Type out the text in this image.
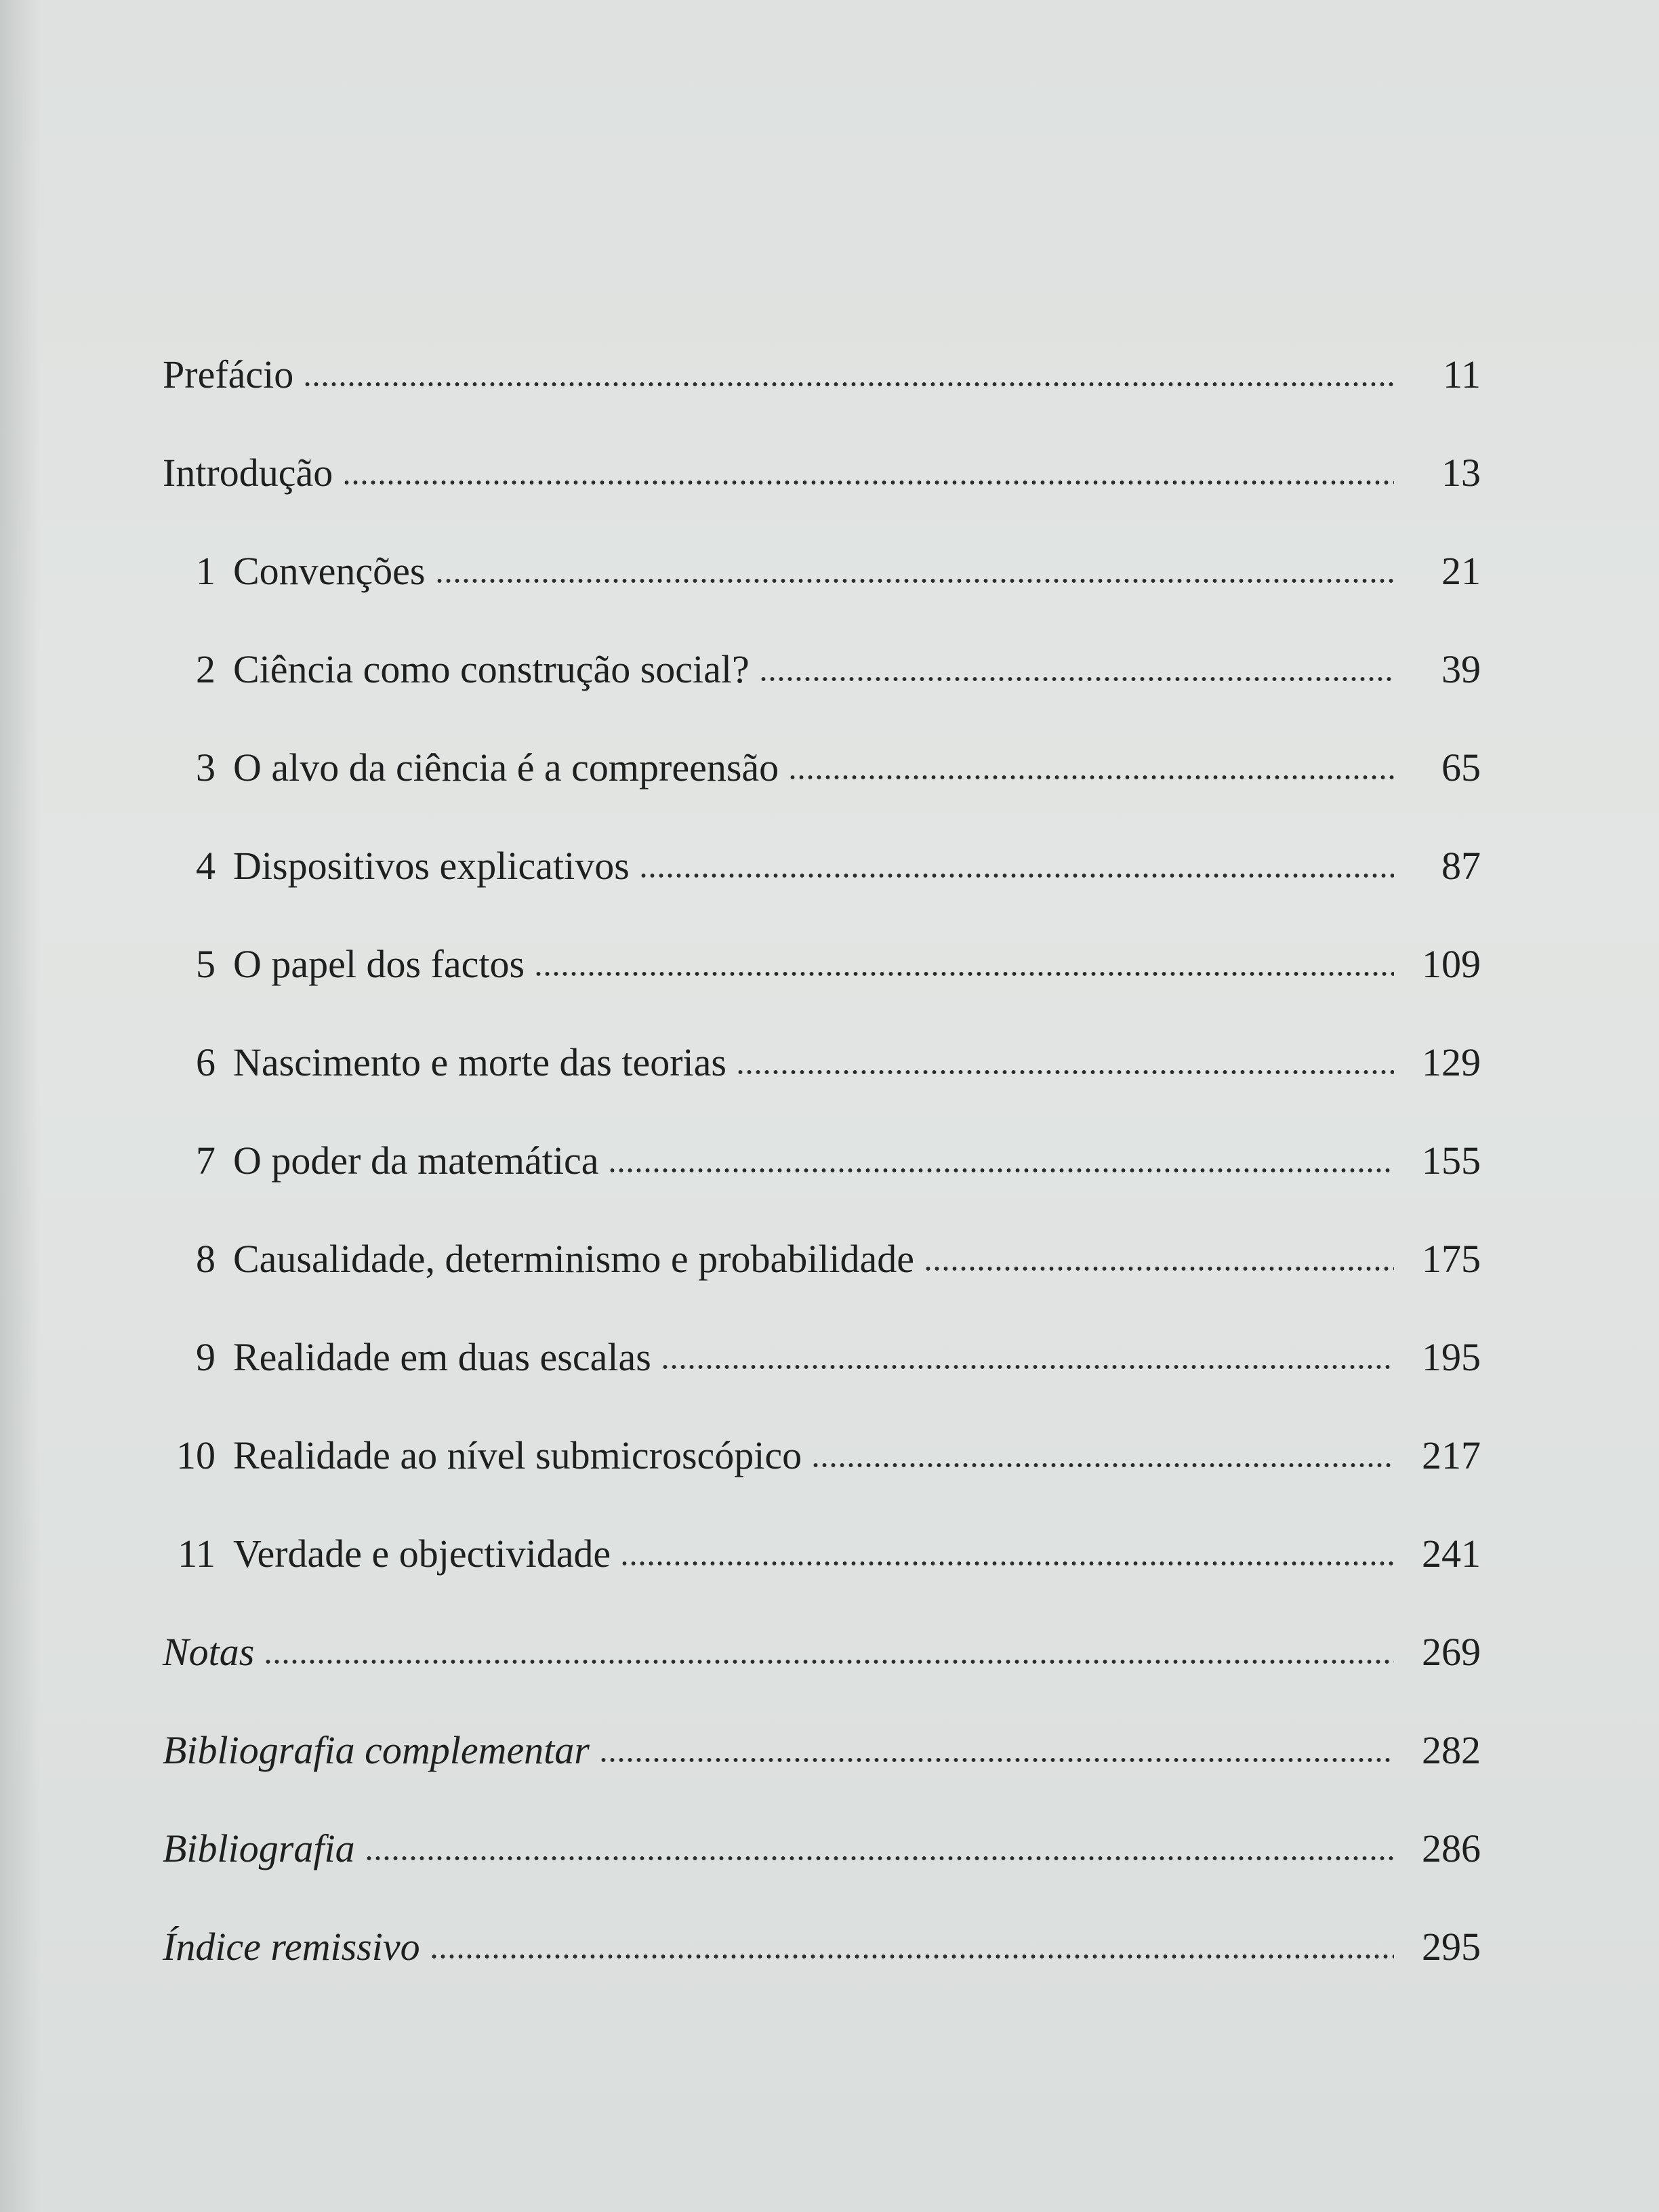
Prefácio	11
Introdução	13
1 Convenções	21
2 Ciência como construção social?	39
3 O alvo da ciência é a compreensão	65
4 Dispositivos explicativos	87
5 O papel dos factos	109
6 Nascimento e morte das teorias	129
7 O poder da matemática	155
8 Causalidade, determinismo e probabilidade	175
9 Realidade em duas escalas	195
10 Realidade ao nível submicroscópico	217
11 Verdade e objectividade	241
Notas	269
Bibliografia complementar	282
Bibliografia	286
Índice remissivo	295
